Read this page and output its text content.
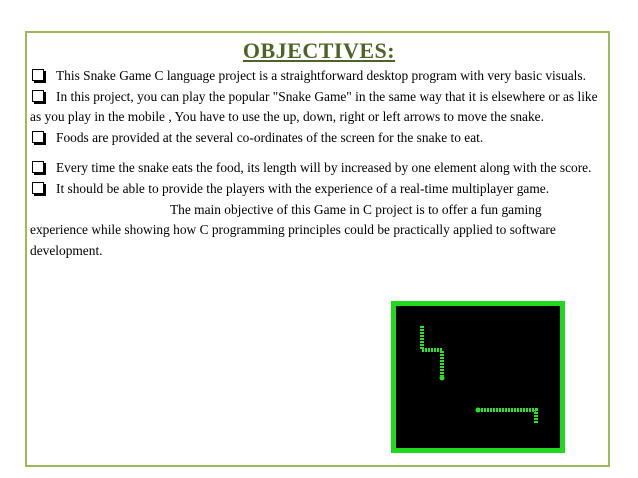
OBJECTIVES:

This Snake Game C language project is a straightforward desktop program with very basic visuals.

In this project, you can play the popular "Snake Game" in the same way that it is elsewhere or as like as you play in the mobile , You have to use the up, down, right or left arrows to move the snake.

Foods are provided at the several co-ordinates of the screen for the snake to eat.

Every time the snake eats the food, its length will by increased by one element along with the score.

It should be able to provide the players with the experience of a real-time multiplayer game.

The main objective of this Game in C project is to offer a fun gaming experience while showing how C programming principles could be practically applied to software development.
